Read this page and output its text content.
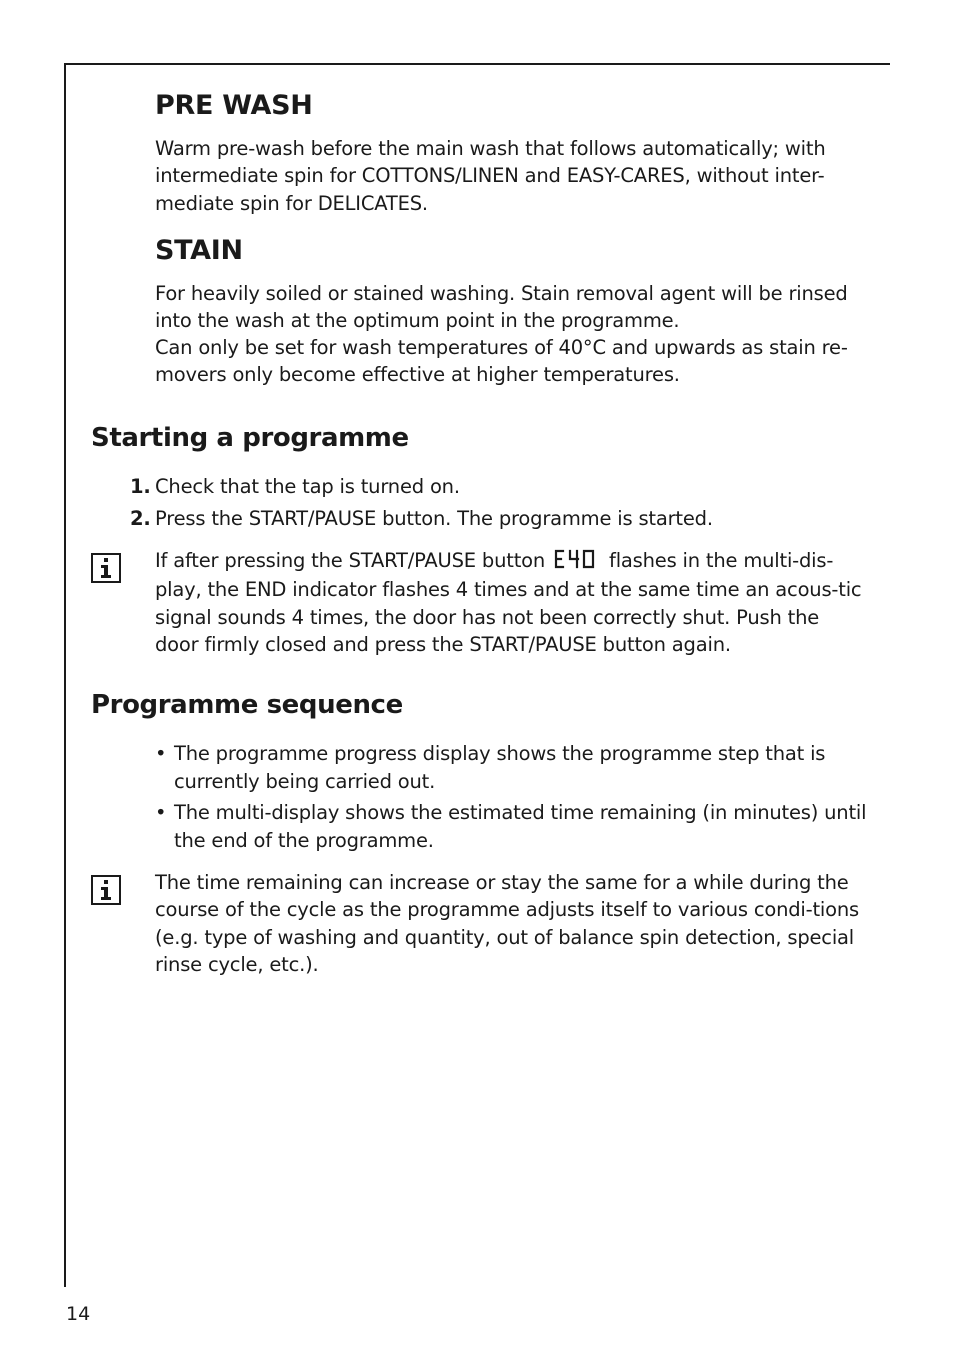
PRE WASH

Warm pre-wash before the main wash that follows automatically; with intermediate spin for COTTONS/LINEN and EASY-CARES, without inter-mediate spin for DELICATES.

STAIN

For heavily soiled or stained washing. Stain removal agent will be rinsed into the wash at the optimum point in the programme.

Can only be set for wash temperatures of 40°C and upwards as stain re-movers only become effective at higher temperatures.

Starting a programme
1. Check that the tap is turned on.
2. Press the START/PAUSE button. The programme is started.

If after pressing the START/PAUSE button	flashes in the multi-dis-play, the END indicator flashes 4 times and at the same time an acous-tic signal sounds 4 times, the door has not been correctly shut. Push the door firmly closed and press the START/PAUSE button again.

Programme sequence
• The programme progress display shows the programme step that is currently being carried out.
• The multi-display shows the estimated time remaining (in minutes) until the end of the programme.

The time remaining can increase or stay the same for a while during the course of the cycle as the programme adjusts itself to various condi-tions (e.g. type of washing and quantity, out of balance spin detection, special rinse cycle, etc.).

14
